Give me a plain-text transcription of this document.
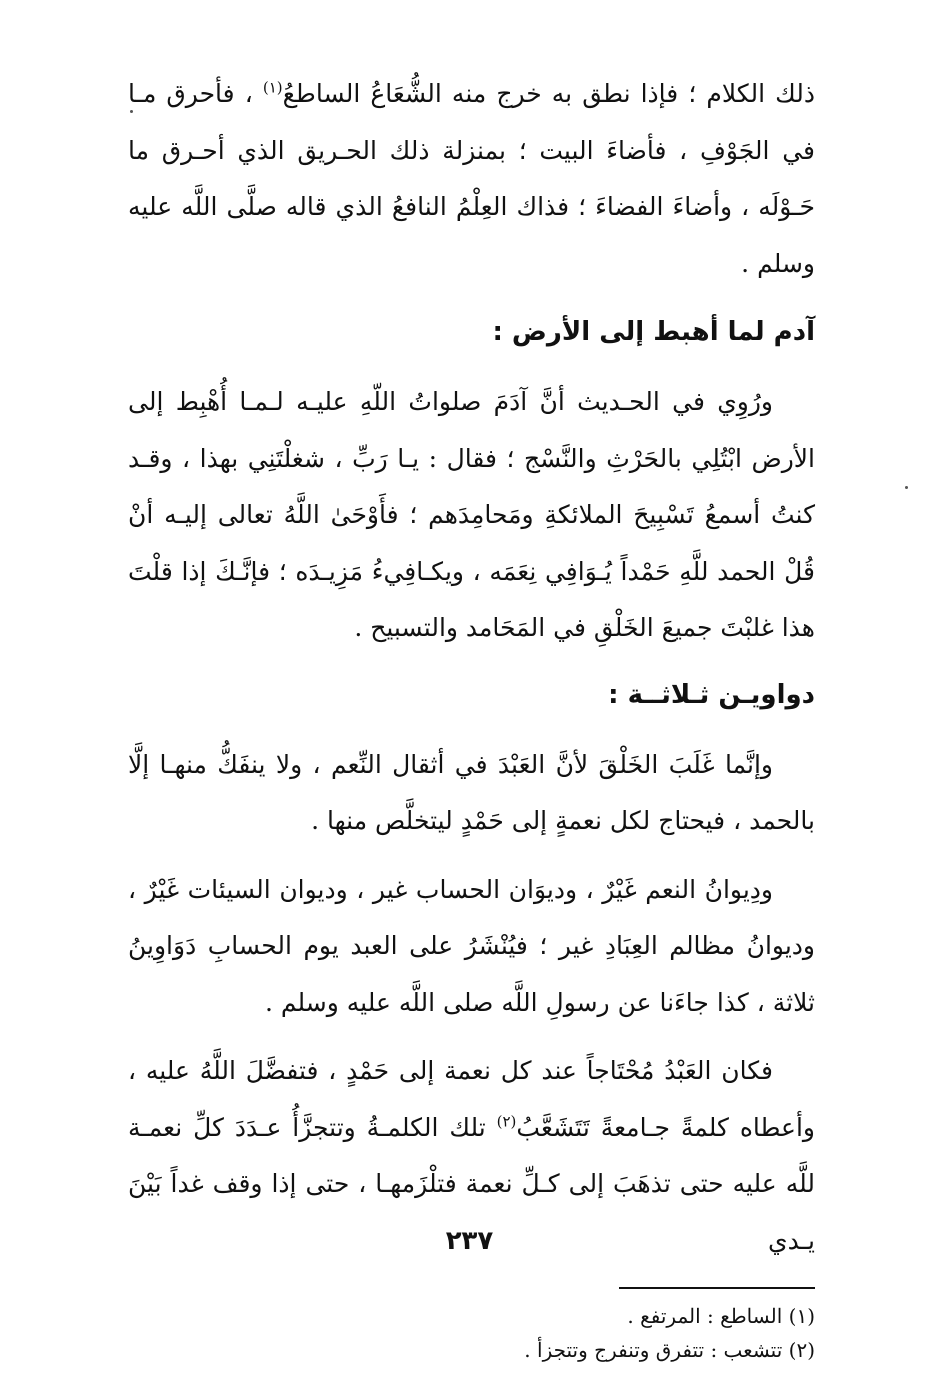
ذلك الكلام ؛ فإذا نطق به خرج منه الشُّعَاعُ الساطعُ$^{(١)}$ ، فأحرق مـا في الجَوْفِ ، فأضاءَ البيت ؛ بمنزلة ذلك الحـريق الذي أحـرق ما حَـوْلَه ، وأضاءَ الفضاءَ ؛ فذاك العِلْمُ النافعُ الذي قاله صلَّى اللَّه عليه وسلم .

آدم لما أهبط إلى الأرض :

ورُوِي في الحـديث أنَّ آدَمَ صلواتُ اللّهِ عليـه لـمـا أُهْبِط إلى الأرض ابْتُلِي بالحَرْثِ والنَّسْج ؛ فقال : يـا رَبِّ ، شغلْتَنِي بهذا ، وقـد كنتُ أسمعُ تَسْبِيحَ الملائكةِ ومَحامِدَهم ؛ فأَوْحَىٰ اللَّهُ تعالى إليـه أنْ قُلْ الحمد للَّهِ حَمْداً يُـوَافِي نِعَمَه ، ويكـافِيءُ مَزِيـدَه ؛ فإنَّـكَ إذا قلْتَ هذا غلبْتَ جميعَ الخَلْقِ في المَحَامد والتسبيح .

دواويـن ثـلاثــة :

وإنَّما غَلَبَ الخَلْقَ لأنَّ العَبْدَ في أثقال النِّعم ، ولا ينفَكُّ منهـا إلَّا بالحمد ، فيحتاج لكل نعمةٍ إلى حَمْدٍ ليتخلَّص منها .

ودِيوانُ النعم غَيْرٌ ، وديوَان الحساب غير ، وديوان السيئات غَيْرٌ ، وديوانُ مظالم العِبَادِ غير ؛ فيُنْشَرُ على العبد يوم الحسابِ دَوَاوِينُ ثلاثة ، كذا جاءَنا عن رسولِ اللَّه صلى اللَّه عليه وسلم .

فكان العَبْدُ مُحْتَاجاً عند كل نعمة إلى حَمْدٍ ، فتفضَّلَ اللَّهُ عليه ، وأعطاه كلمةً جـامعةً تَتَشَعَّبُ$^{(٢)}$ تلك الكلمـةُ وتتجزَّأُ عـدَدَ كلِّ نعمـة للَّه عليه حتى تذهَبَ إلى كـلِّ نعمة فتلْزَمهـا ، حتى إذا وقف غداً بَيْنَ يـدي

(١) الساطع : المرتفع .

(٢) تتشعب : تتفرق وتنفرج وتتجزأ .

٢٣٧
